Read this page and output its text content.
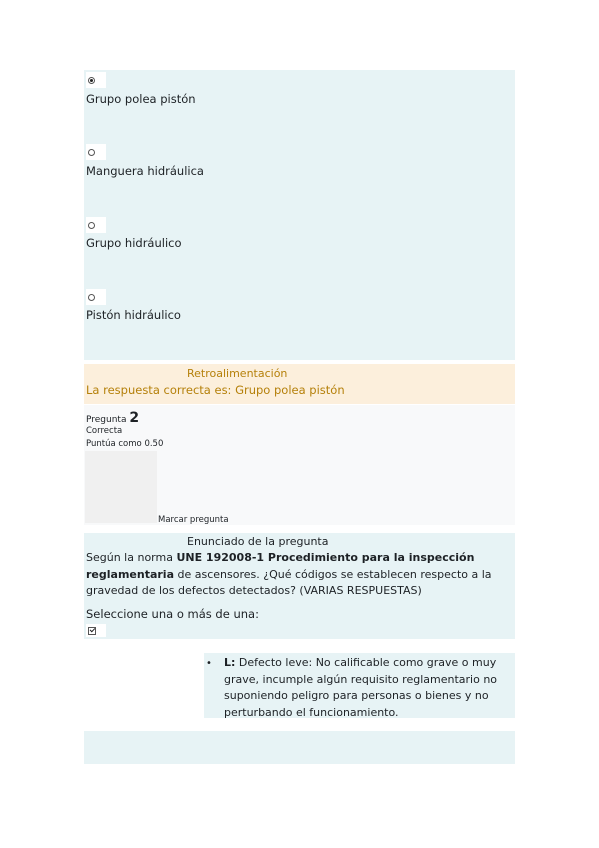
Grupo polea pistón
Manguera hidráulica
Grupo hidráulico
Pistón hidráulico
Retroalimentación
La respuesta correcta es: Grupo polea pistón
Pregunta 2
Correcta
Puntúa como 0.50
Marcar pregunta
Enunciado de la pregunta
Según la norma UNE 192008-1 Procedimiento para la inspección reglamentaria de ascensores. ¿Qué códigos se establecen respecto a la gravedad de los defectos detectados? (VARIAS RESPUESTAS)
Seleccione una o más de una:
• L: Defecto leve: No calificable como grave o muy grave, incumple algún requisito reglamentario no suponiendo peligro para personas o bienes y no perturbando el funcionamiento.
